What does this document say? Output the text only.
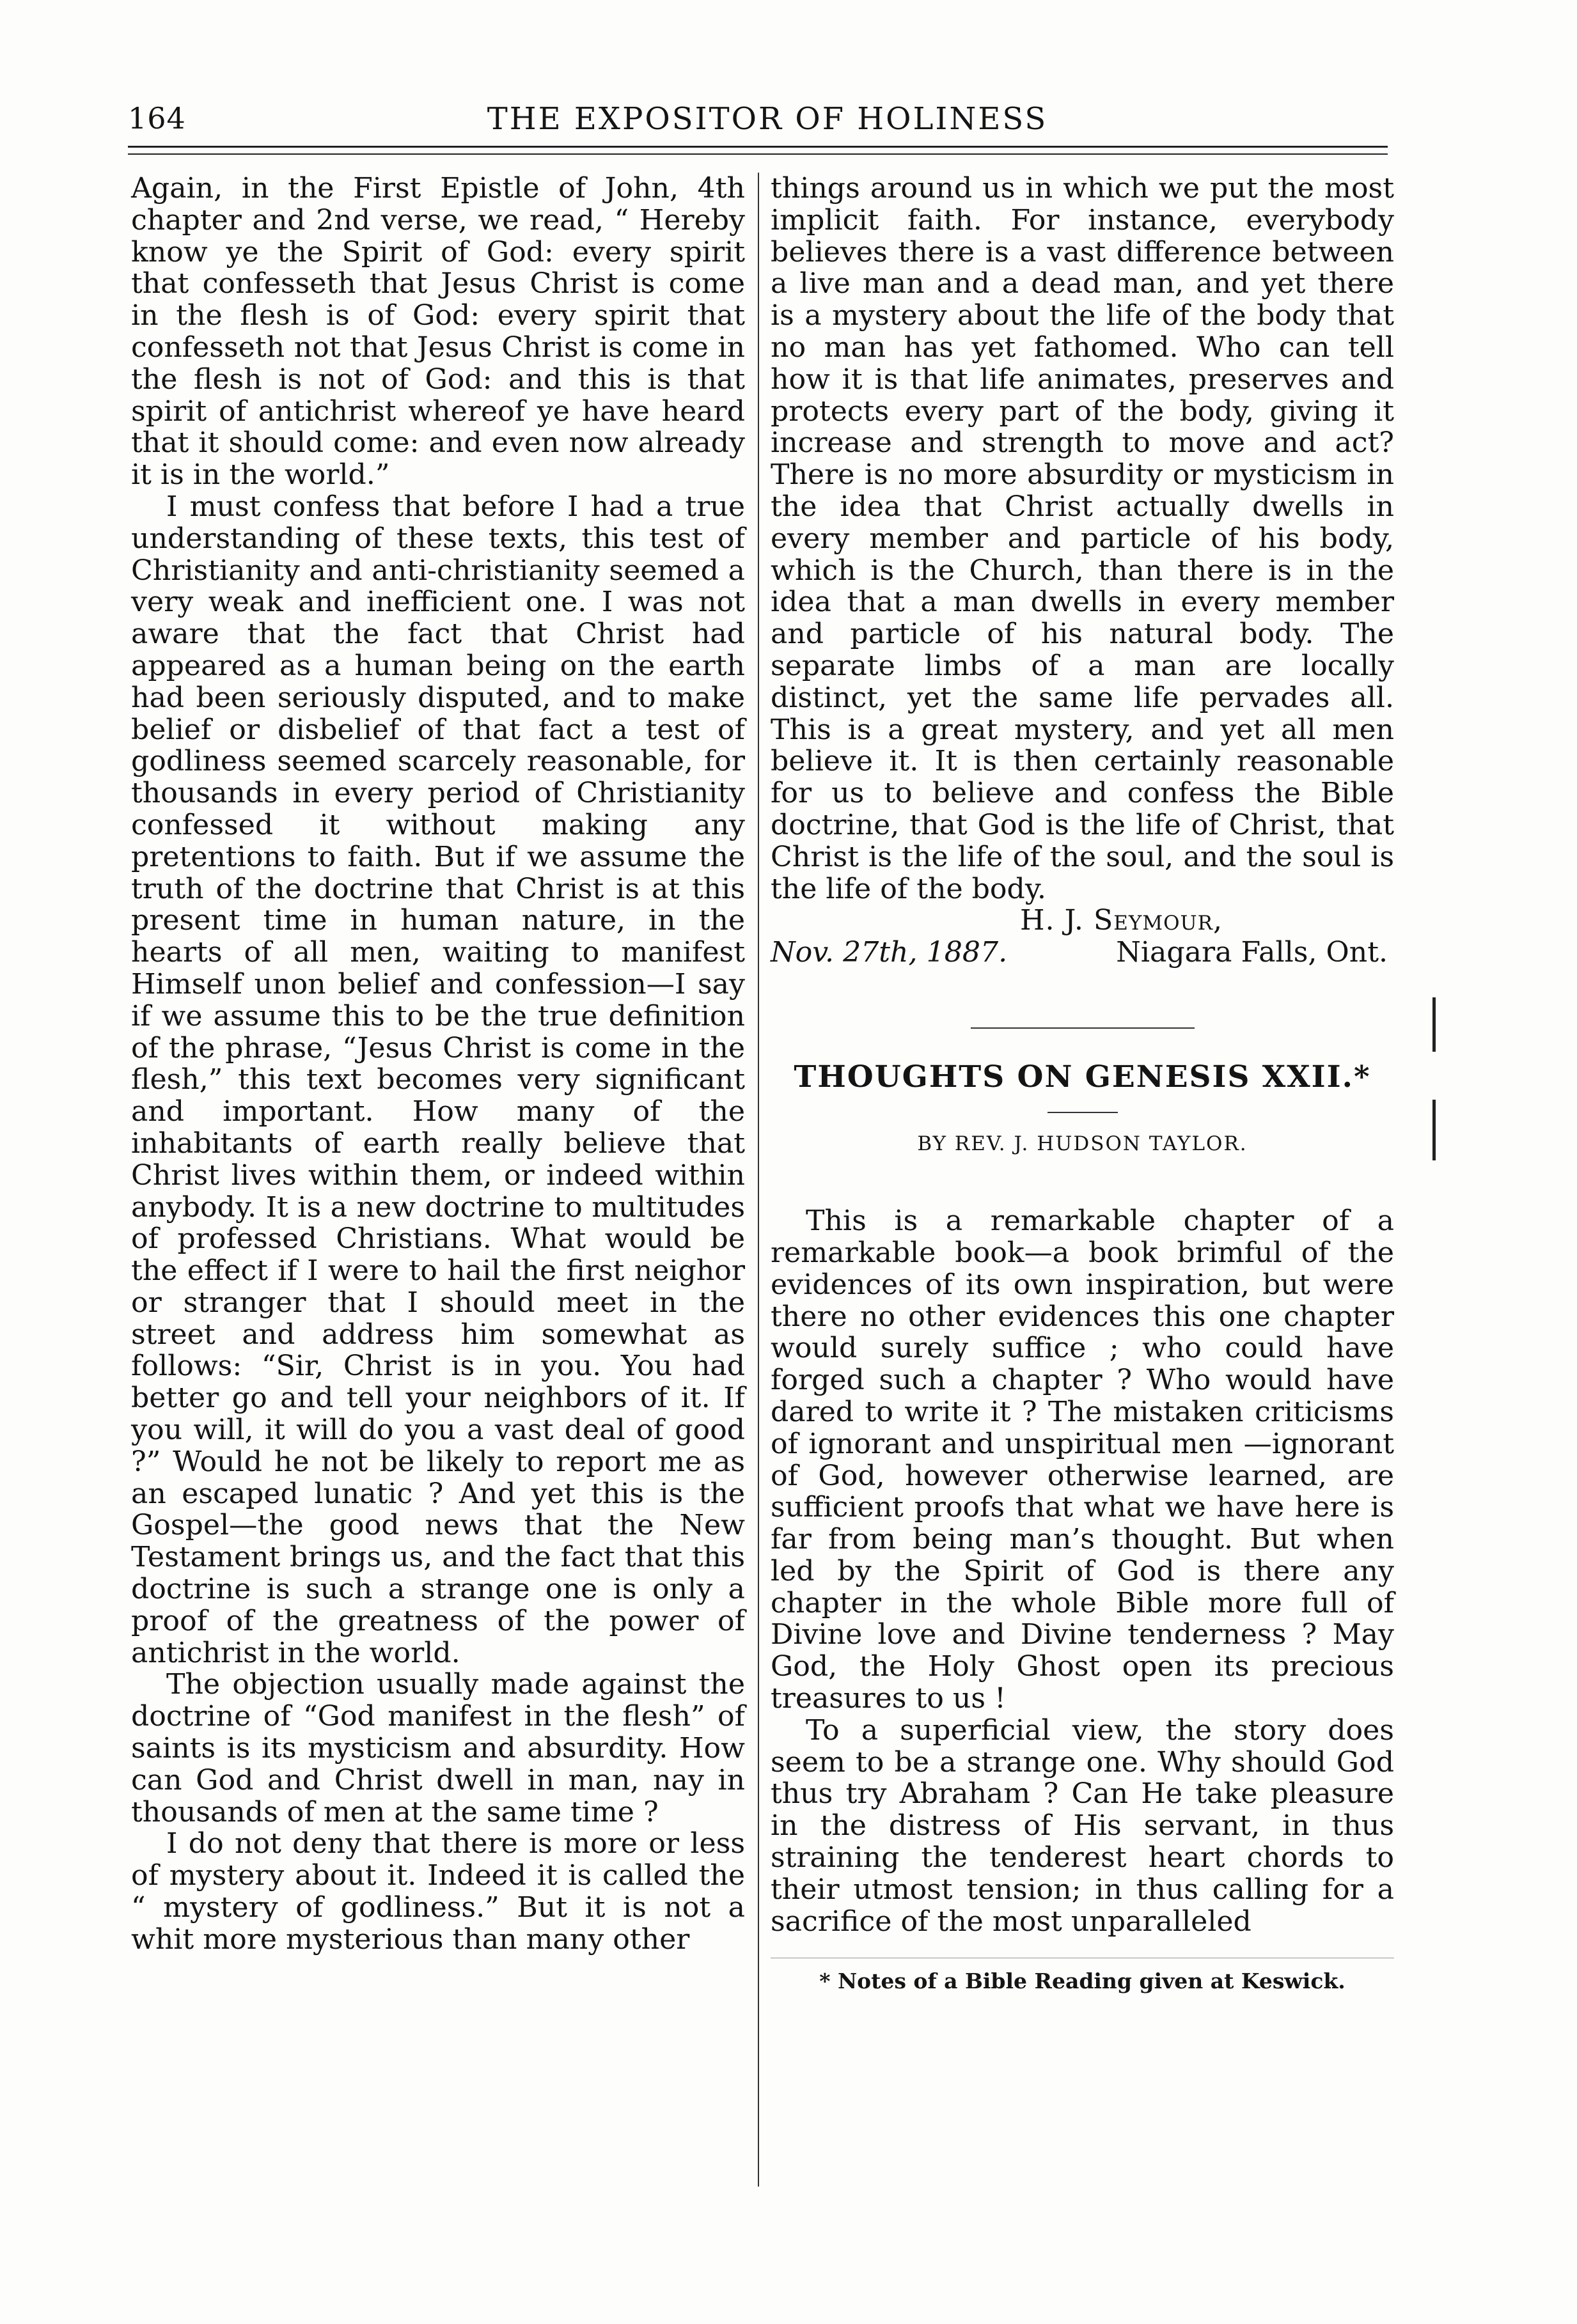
164	THE EXPOSITOR OF HOLINESS

Again, in the First Epistle of John, 4th chapter and 2nd verse, we read, “ Hereby know ye the Spirit of God: every spirit that confesseth that Jesus Christ is come in the flesh is of God: every spirit that confesseth not that Jesus Christ is come in the flesh is not of God: and this is that spirit of antichrist whereof ye have heard that it should come: and even now already it is in the world.”

I must confess that before I had a true understanding of these texts, this test of Christianity and anti-christianity seemed a very weak and inefficient one. I was not aware that the fact that Christ had appeared as a human being on the earth had been seriously disputed, and to make belief or disbelief of that fact a test of godliness seemed scarcely reasonable, for thousands in every period of Christianity confessed it without making any pretentions to faith. But if we assume the truth of the doctrine that Christ is at this present time in human nature, in the hearts of all men, waiting to manifest Himself unon belief and confession—I say if we assume this to be the true definition of the phrase, “Jesus Christ is come in the flesh,” this text becomes very significant and important. How many of the inhabitants of earth really believe that Christ lives within them, or indeed within anybody. It is a new doctrine to multitudes of professed Christians. What would be the effect if I were to hail the first neighor or stranger that I should meet in the street and address him somewhat as follows: “Sir, Christ is in you. You had better go and tell your neighbors of it. If you will, it will do you a vast deal of good ?” Would he not be likely to report me as an escaped lunatic ? And yet this is the Gospel—the good news that the New Testament brings us, and the fact that this doctrine is such a strange one is only a proof of the greatness of the power of antichrist in the world.

The objection usually made against the doctrine of “God manifest in the flesh” of saints is its mysticism and absurdity. How can God and Christ dwell in man, nay in thousands of men at the same time ?

I do not deny that there is more or less of mystery about it. Indeed it is called the “ mystery of godliness.” But it is not a whit more mysterious than many other

things around us in which we put the most implicit faith. For instance, everybody believes there is a vast difference between a live man and a dead man, and yet there is a mystery about the life of the body that no man has yet fathomed. Who can tell how it is that life animates, preserves and protects every part of the body, giving it increase and strength to move and act? There is no more absurdity or mysticism in the idea that Christ actually dwells in every member and particle of his body, which is the Church, than there is in the idea that a man dwells in every member and particle of his natural body. The separate limbs of a man are locally distinct, yet the same life pervades all. This is a great mystery, and yet all men believe it. It is then certainly reasonable for us to believe and confess the Bible doctrine, that God is the life of Christ, that Christ is the life of the soul, and the soul is the life of the body.

H. J. Seymour,

Nov. 27th, 1887.	Niagara Falls, Ont.

THOUGHTS ON GENESIS XXII.*

BY REV. J. HUDSON TAYLOR.

This is a remarkable chapter of a remarkable book—a book brimful of the evidences of its own inspiration, but were there no other evidences this one chapter would surely suffice ; who could have forged such a chapter ? Who would have dared to write it ? The mistaken criticisms of ignorant and unspiritual men —ignorant of God, however otherwise learned, are sufficient proofs that what we have here is far from being man’s thought. But when led by the Spirit of God is there any chapter in the whole Bible more full of Divine love and Divine tenderness ? May God, the Holy Ghost open its precious treasures to us !

To a superficial view, the story does seem to be a strange one. Why should God thus try Abraham ? Can He take pleasure in the distress of His servant, in thus straining the tenderest heart chords to their utmost tension; in thus calling for a sacrifice of the most unparalleled

* Notes of a Bible Reading given at Keswick.
